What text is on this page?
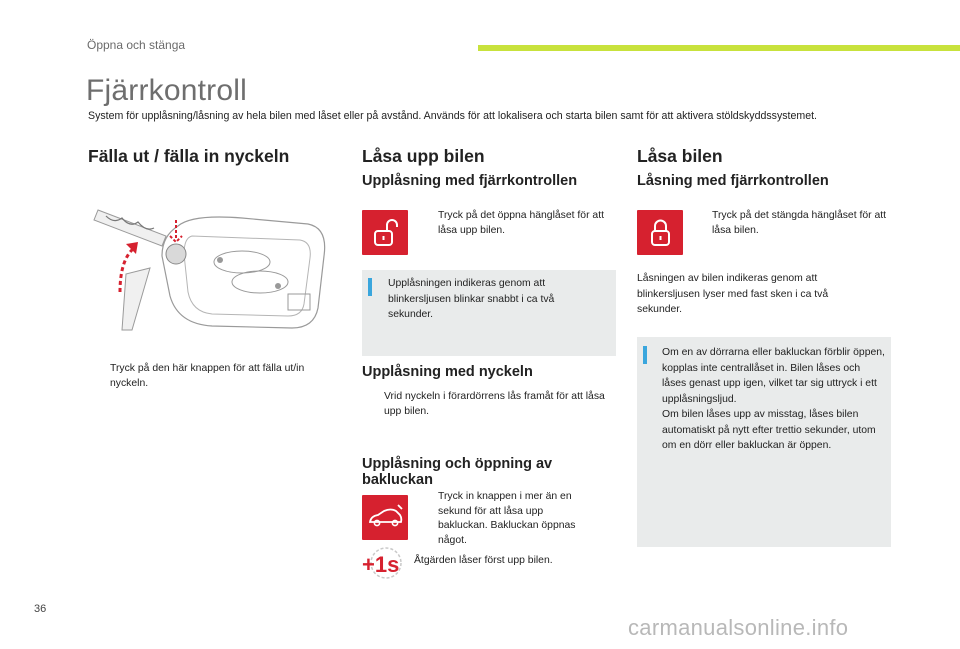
Öppna och stänga
Fjärrkontroll
System för upplåsning/låsning av hela bilen med låset eller på avstånd. Används för att lokalisera och starta bilen samt för att aktivera stöldskyddssystemet.
Fälla ut / fälla in nyckeln
Tryck på den här knappen för att fälla ut/in nyckeln.
Låsa upp bilen
Upplåsning med fjärrkontrollen
Tryck på det öppna hänglåset för att låsa upp bilen.
Upplåsningen indikeras genom att blinkersljusen blinkar snabbt i ca två sekunder.
Upplåsning med nyckeln
Vrid nyckeln i förardörrens lås framåt för att låsa upp bilen.
Upplåsning och öppning av bakluckan
Tryck in knappen i mer än en sekund för att låsa upp bakluckan. Bakluckan öppnas något.
+1s Åtgärden låser först upp bilen.
Låsa bilen
Låsning med fjärrkontrollen
Tryck på det stängda hänglåset för att låsa bilen.
Låsningen av bilen indikeras genom att blinkersljusen lyser med fast sken i ca två sekunder.
Om en av dörrarna eller bakluckan förblir öppen, kopplas inte centrallåset in. Bilen låses och låses genast upp igen, vilket tar sig uttryck i ett upplåsningsljud.
Om bilen låses upp av misstag, låses bilen automatiskt på nytt efter trettio sekunder, utom om en dörr eller bakluckan är öppen.
36
carmanualsonline.info
